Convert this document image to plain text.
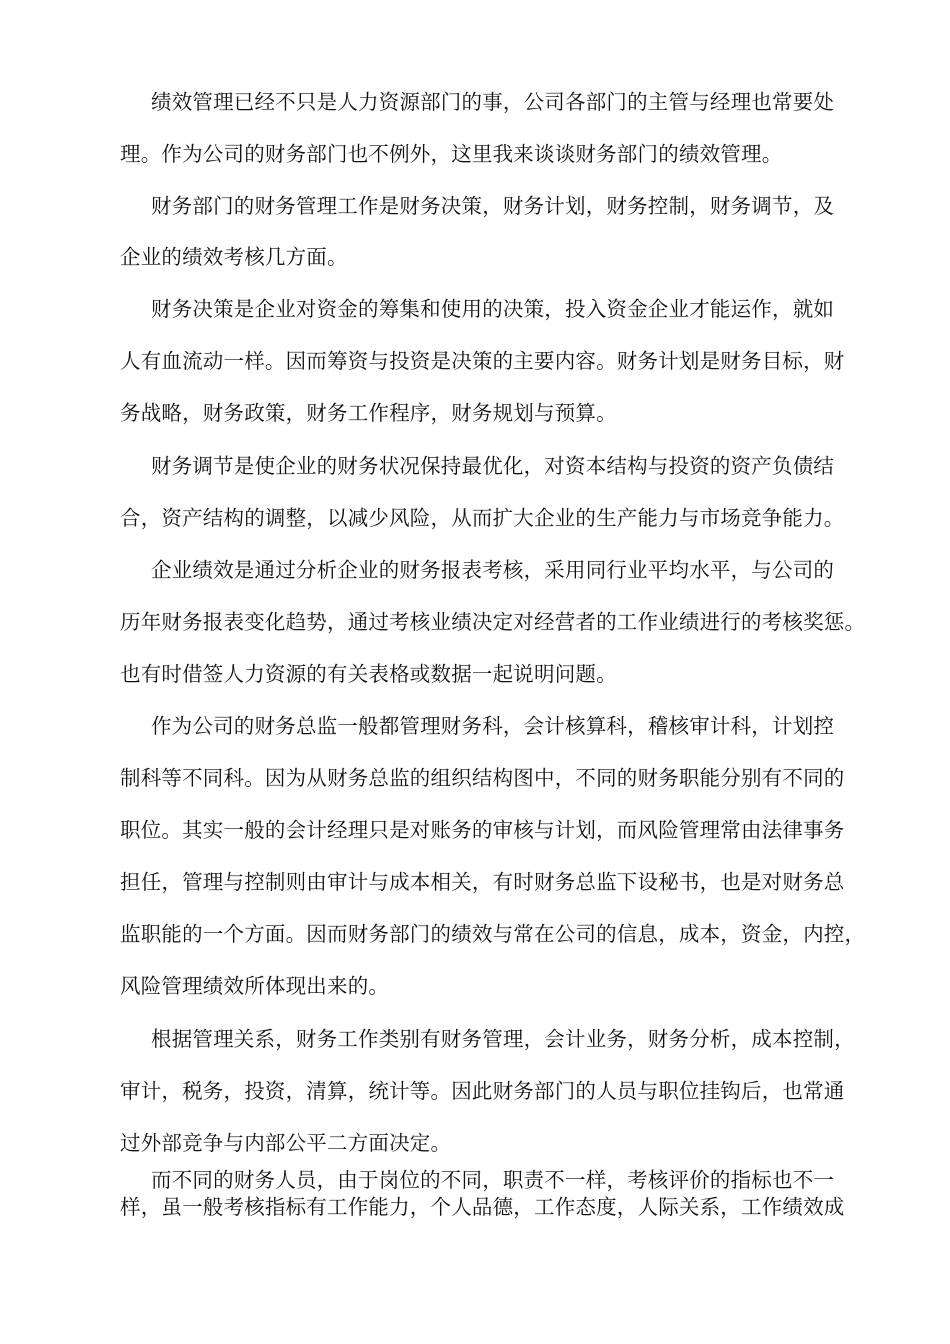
绩效管理已经不只是人力资源部门的事，公司各部门的主管与经理也常要处
理。作为公司的财务部门也不例外，这里我来谈谈财务部门的绩效管理。
财务部门的财务管理工作是财务决策，财务计划，财务控制，财务调节，及
企业的绩效考核几方面。
财务决策是企业对资金的筹集和使用的决策，投入资金企业才能运作，就如
人有血流动一样。因而筹资与投资是决策的主要内容。财务计划是财务目标，财
务战略，财务政策，财务工作程序，财务规划与预算。
财务调节是使企业的财务状况保持最优化，对资本结构与投资的资产负债结
合，资产结构的调整，以减少风险，从而扩大企业的生产能力与市场竞争能力。
企业绩效是通过分析企业的财务报表考核，采用同行业平均水平，与公司的
历年财务报表变化趋势，通过考核业绩决定对经营者的工作业绩进行的考核奖惩。
也有时借签人力资源的有关表格或数据一起说明问题。
作为公司的财务总监一般都管理财务科，会计核算科，稽核审计科，计划控
制科等不同科。因为从财务总监的组织结构图中，不同的财务职能分别有不同的
职位。其实一般的会计经理只是对账务的审核与计划，而风险管理常由法律事务
担任，管理与控制则由审计与成本相关，有时财务总监下设秘书，也是对财务总
监职能的一个方面。因而财务部门的绩效与常在公司的信息，成本，资金，内控，
风险管理绩效所体现出来的。
根据管理关系，财务工作类别有财务管理，会计业务，财务分析，成本控制，
审计，税务，投资，清算，统计等。因此财务部门的人员与职位挂钩后，也常通
过外部竞争与内部公平二方面决定。
而不同的财务人员，由于岗位的不同，职责不一样，考核评价的指标也不一
样，虽一般考核指标有工作能力，个人品德，工作态度，人际关系，工作绩效成
